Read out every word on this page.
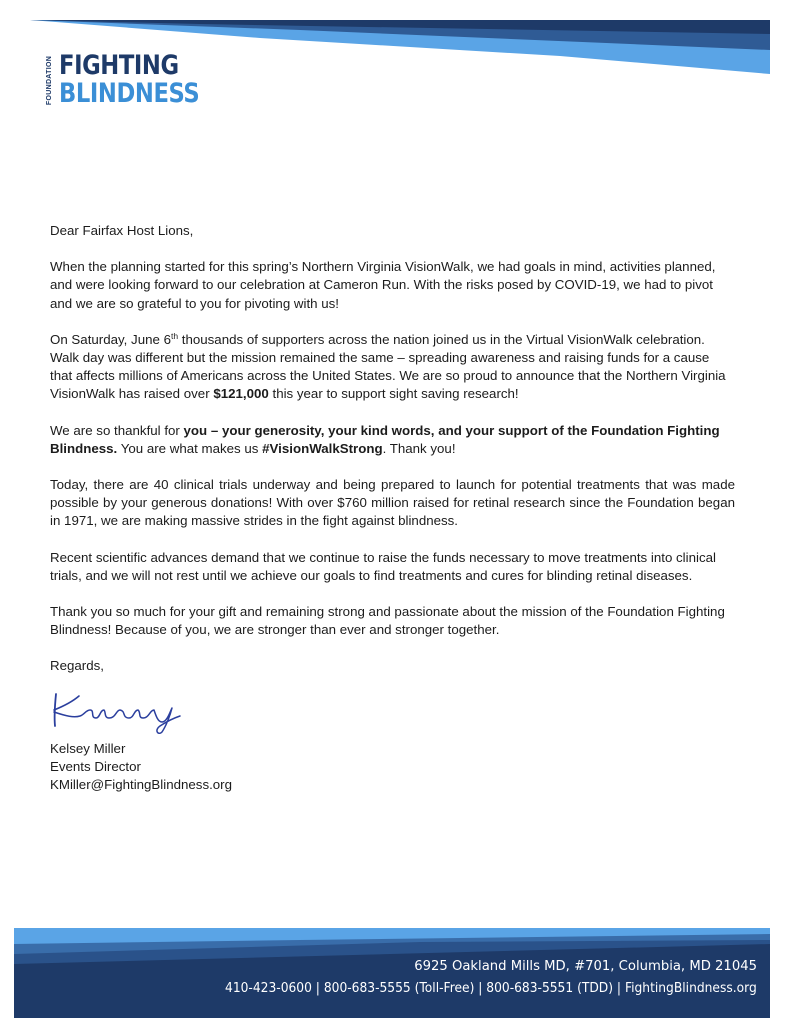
FOUNDATION FIGHTING
BLINDNESS

Dear Fairfax Host Lions,

When the planning started for this spring’s Northern Virginia VisionWalk, we had goals in mind, activities planned, and were looking forward to our celebration at Cameron Run. With the risks posed by COVID-19, we had to pivot and we are so grateful to you for pivoting with us!

On Saturday, June 6th thousands of supporters across the nation joined us in the Virtual VisionWalk celebration. Walk day was different but the mission remained the same – spreading awareness and raising funds for a cause that affects millions of Americans across the United States. We are so proud to announce that the Northern Virginia VisionWalk has raised over $121,000 this year to support sight saving research!

We are so thankful for you – your generosity, your kind words, and your support of the Foundation Fighting Blindness. You are what makes us #VisionWalkStrong. Thank you!

Today, there are 40 clinical trials underway and being prepared to launch for potential treatments that was made possible by your generous donations! With over $760 million raised for retinal research since the Foundation began in 1971, we are making massive strides in the fight against blindness.

Recent scientific advances demand that we continue to raise the funds necessary to move treatments into clinical trials, and we will not rest until we achieve our goals to find treatments and cures for blinding retinal diseases.

Thank you so much for your gift and remaining strong and passionate about the mission of the Foundation Fighting Blindness! Because of you, we are stronger than ever and stronger together.

Regards,

Kelsey Miller

Events Director

KMiller@FightingBlindness.org

6925 Oakland Mills MD, #701, Columbia, MD 21045
410-423-0600 | 800-683-5555 (Toll-Free) | 800-683-5551 (TDD) | FightingBlindness.org
